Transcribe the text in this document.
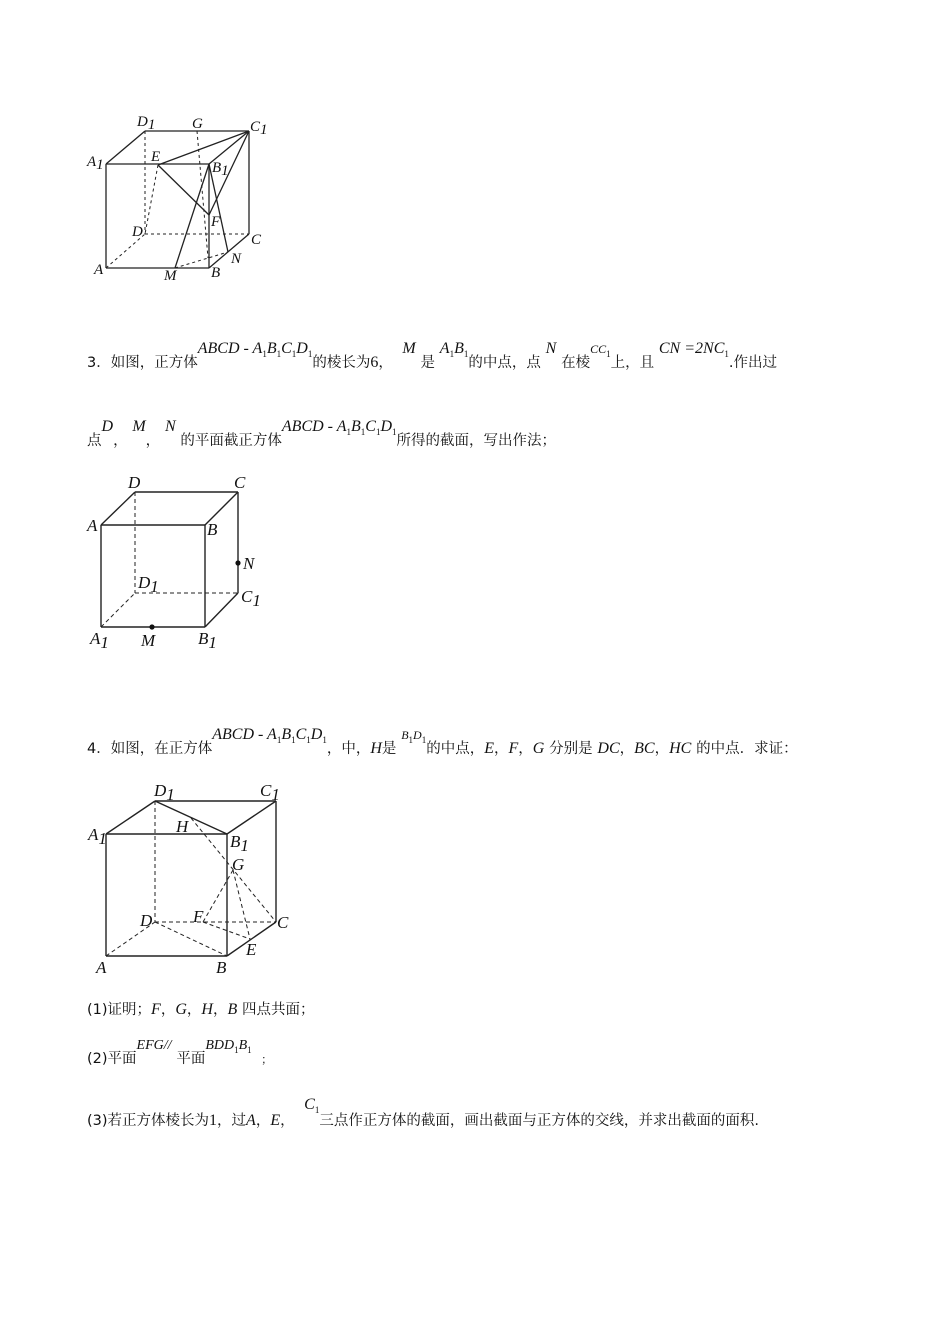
D1 G	C1
A1	E
B1
F
D	C
A	M B
N
3．如图，正方体ABCD - $A_1B_1C_1D_1$的棱长为6，  M 是 $A_1B_1$的中点，点 N 在棱$^{CC_1}$上，且 CN $=2NC_1$.作出过
点D， M， N 的平面截正方体ABCD - $A_1B_1C_1D_1$所得的截面，写出作法；
D	C
A	B
N
D1
C1
A1 M	B1
4．如图，在正方体ABCD - $A_1B_1C_1D_1$，中，H是 $^{B_1D_1}$的中点，E，F，G 分别是 DC，BC，HC 的中点．求证：
D1	C1
A1
H
B1
G
D F	C
E
A	B
(1)证明；F，G，H，B 四点共面；
(2)平面EFG// 平面$BDD_1B_1$  ；
(3)若正方体棱长为1，过A，E，  $C_1$三点作正方体的截面，画出截面与正方体的交线，并求出截面的面积.
